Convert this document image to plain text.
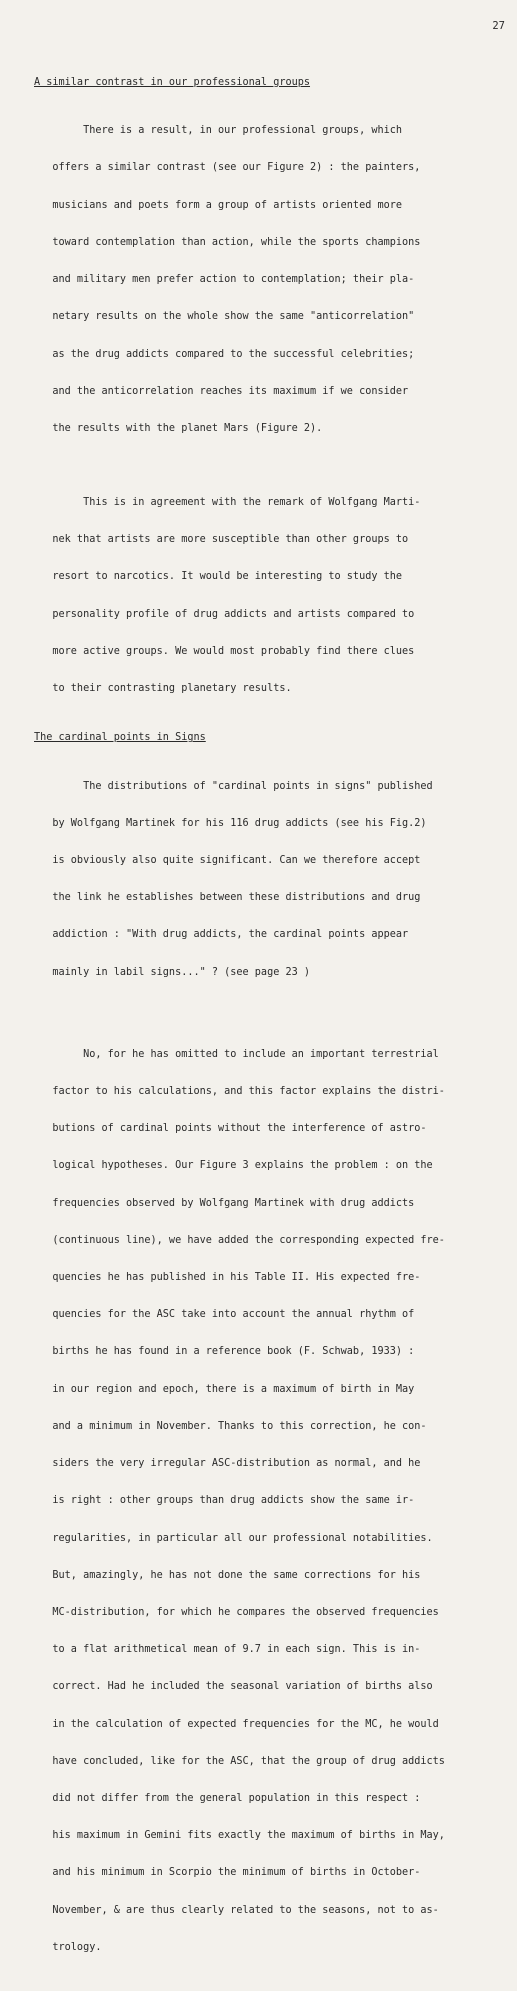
27
A similar contrast in our professional groups

There is a result, in our professional groups, which

offers a similar contrast (see our Figure 2) : the painters,

musicians and poets form a group of artists oriented more

toward contemplation than action, while the sports champions

and military men prefer action to contemplation; their pla-

netary results on the whole show the same "anticorrelation"

as the drug addicts compared to the successful celebrities;

and the anticorrelation reaches its maximum if we consider

the results with the planet Mars (Figure 2).

This is in agreement with the remark of Wolfgang Marti-

nek that artists are more susceptible than other groups to

resort to narcotics. It would be interesting to study the

personality profile of drug addicts and artists compared to

more active groups. We would most probably find there clues

to their contrasting planetary results.

The cardinal points in Signs

The distributions of "cardinal points in signs" published

by Wolfgang Martinek for his 116 drug addicts (see his Fig.2)

is obviously also quite significant. Can we therefore accept

the link he establishes between these distributions and drug

addiction : "With drug addicts, the cardinal points appear

mainly in labil signs..." ? (see page 23 )

No, for he has omitted to include an important terrestrial

factor to his calculations, and this factor explains the distri-

butions of cardinal points without the interference of astro-

logical hypotheses. Our Figure 3 explains the problem : on the

frequencies observed by Wolfgang Martinek with drug addicts

(continuous line), we have added the corresponding expected fre-

quencies he has published in his Table II. His expected fre-

quencies for the ASC take into account the annual rhythm of

births he has found in a reference book (F. Schwab, 1933) :

in our region and epoch, there is a maximum of birth in May

and a minimum in November. Thanks to this correction, he con-

siders the very irregular ASC-distribution as normal, and he

is right : other groups than drug addicts show the same ir-

regularities, in particular all our professional notabilities.

But, amazingly, he has not done the same corrections for his

MC-distribution, for which he compares the observed frequencies

to a flat arithmetical mean of 9.7 in each sign. This is in-

correct. Had he included the seasonal variation of births also

in the calculation of expected frequencies for the MC, he would

have concluded, like for the ASC, that the group of drug addicts

did not differ from the general population in this respect :

his maximum in Gemini fits exactly the maximum of births in May,

and his minimum in Scorpio the minimum of births in October-

November, & are thus clearly related to the seasons, not to as-

trology.
